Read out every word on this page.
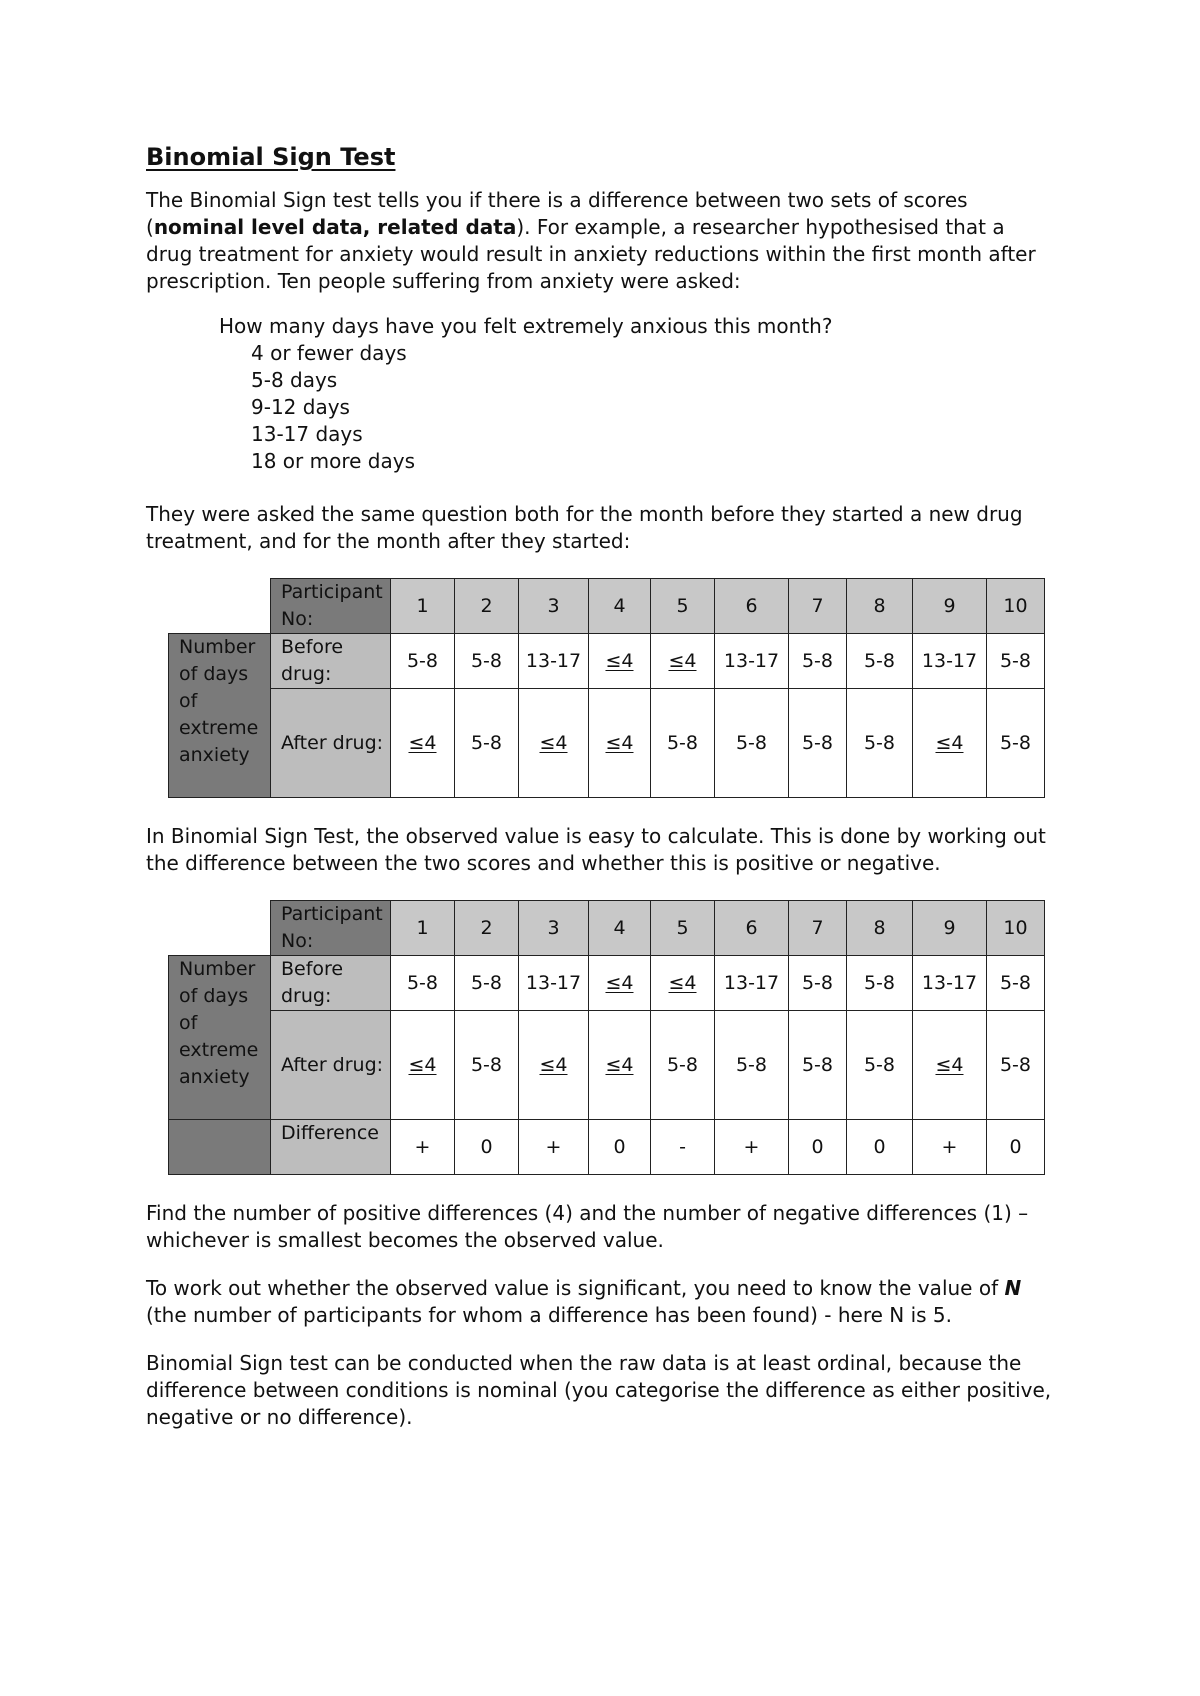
Binomial Sign Test

The Binomial Sign test tells you if there is a difference between two sets of scores (nominal level data, related data). For example, a researcher hypothesised that a drug treatment for anxiety would result in anxiety reductions within the first month after prescription. Ten people suffering from anxiety were asked:

How many days have you felt extremely anxious this month?

4 or fewer days
5-8 days
9-12 days
13-17 days
18 or more days

They were asked the same question both for the month before they started a new drug treatment, and for the month after they started:

	Participant No:	1	2	3	4	5	6	7	8	9	10
Number of days of extreme anxiety	Before drug:	5-8	5-8	13-17	≤4	≤4	13-17	5-8	5-8	13-17	5-8
	After drug:	≤4	5-8	≤4	≤4	5-8	5-8	5-8	5-8	≤4	5-8

In Binomial Sign Test, the observed value is easy to calculate. This is done by working out the difference between the two scores and whether this is positive or negative.

	Participant No:	1	2	3	4	5	6	7	8	9	10
Number of days of extreme anxiety	Before drug:	5-8	5-8	13-17	≤4	≤4	13-17	5-8	5-8	13-17	5-8
	After drug:	≤4	5-8	≤4	≤4	5-8	5-8	5-8	5-8	≤4	5-8
	Difference	+	0	+	0	-	+	0	0	+	0

Find the number of positive differences (4) and the number of negative differences (1) – whichever is smallest becomes the observed value.

To work out whether the observed value is significant, you need to know the value of N (the number of participants for whom a difference has been found) - here N is 5.

Binomial Sign test can be conducted when the raw data is at least ordinal, because the difference between conditions is nominal (you categorise the difference as either positive, negative or no difference).
